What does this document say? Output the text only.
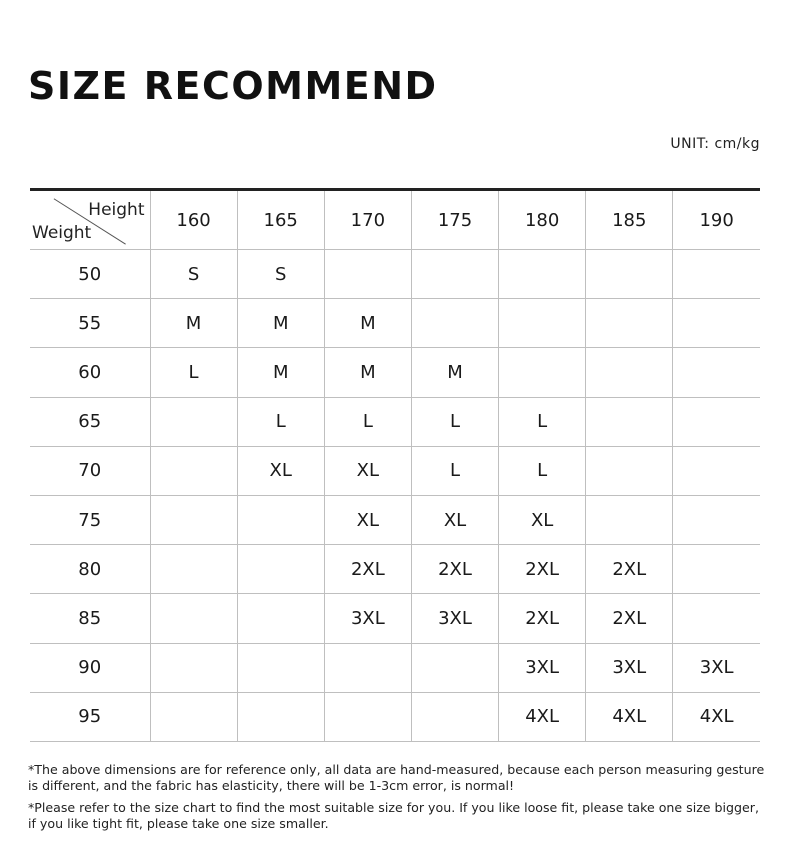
SIZE RECOMMEND
UNIT: cm/kg
Height
Weight	160	165	170	175	180	185	190
50	S	S					
55	M	M	M				
60	L	M	M	M			
65		L	L	L	L		
70		XL	XL	L	L		
75			XL	XL	XL		
80			2XL	2XL	2XL	2XL	
85			3XL	3XL	2XL	2XL	
90					3XL	3XL	3XL
95					4XL	4XL	4XL

*The above dimensions are for reference only, all data are hand-measured, because each person measuring gesture is different, and the fabric has elasticity, there will be 1-3cm error, is normal!

*Please refer to the size chart to find the most suitable size for you. If you like loose fit, please take one size bigger, if you like tight fit, please take one size smaller.
